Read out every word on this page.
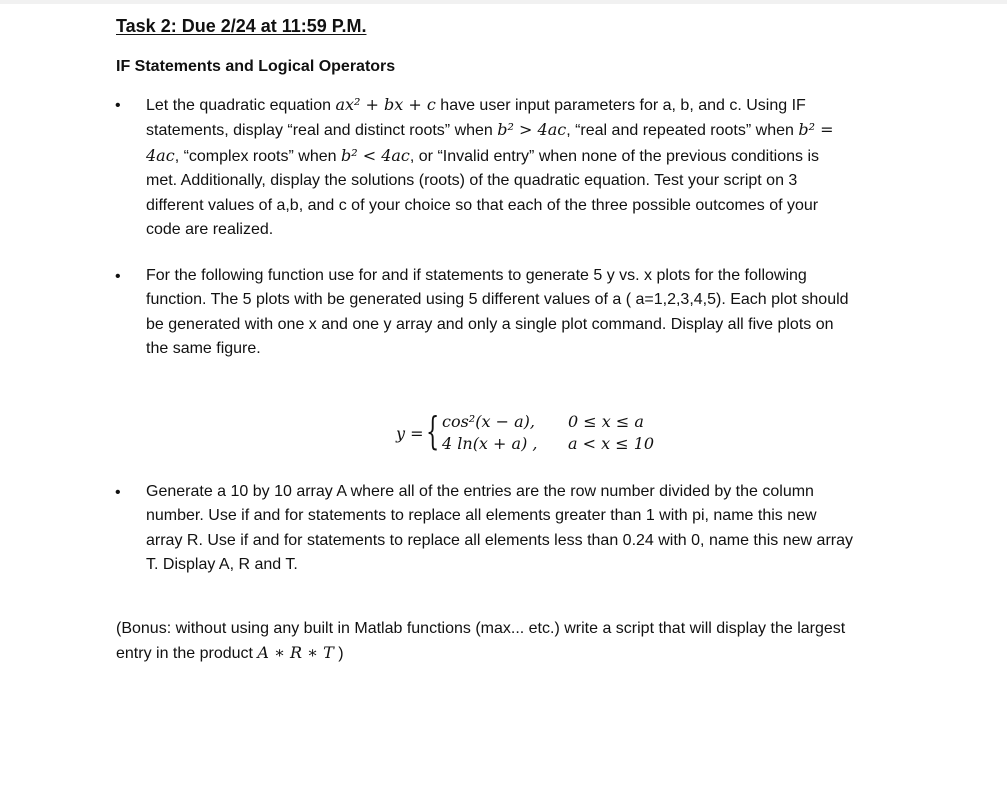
Task 2: Due 2/24 at 11:59 P.M.
IF Statements and Logical Operators
• Let the quadratic equation ax² + bx + c have user input parameters for a, b, and c. Using IF
statements, display “real and distinct roots” when b² > 4ac, “real and repeated roots” when b² =
4ac, “complex roots” when b² < 4ac, or “Invalid entry” when none of the previous conditions is
met. Additionally, display the solutions (roots) of the quadratic equation. Test your script on 3
different values of a,b, and c of your choice so that each of the three possible outcomes of your
code are realized.
• For the following function use for and if statements to generate 5 y vs. x plots for the following
function. The 5 plots with be generated using 5 different values of a ( a=1,2,3,4,5). Each plot should
be generated with one x and one y array and only a single plot command. Display all five plots on
the same figure.
y = { cos²(x − a), 0 ≤ x ≤ a
4 ln(x + a) , a < x ≤ 10
• Generate a 10 by 10 array A where all of the entries are the row number divided by the column
number. Use if and for statements to replace all elements greater than 1 with pi, name this new
array R. Use if and for statements to replace all elements less than 0.24 with 0, name this new array
T. Display A, R and T.
(Bonus: without using any built in Matlab functions (max... etc.) write a script that will display the largest
entry in the product A ∗ R ∗ T )
